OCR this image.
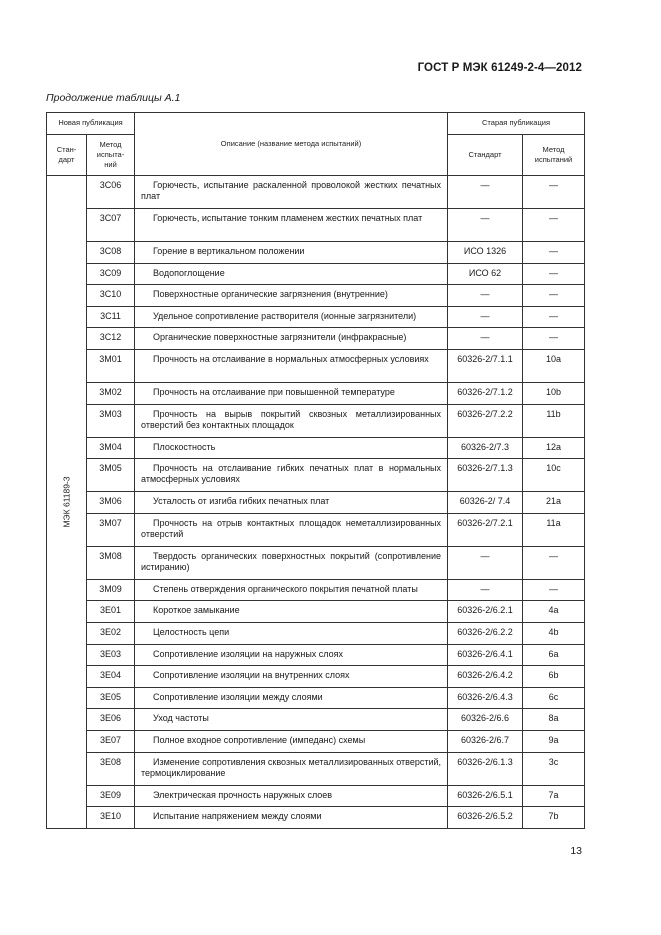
ГОСТ Р МЭК 61249-2-4—2012
Продолжение таблицы А.1
Новая публикация		Описание (название метода испытаний)	Старая публикация	
Стан-дарт	Метод испыта-ний		Стандарт	Метод испытаний

МЭК 61189-3	3C06	Горючесть, испытание раскаленной проволокой жестких печатных плат	—	—
	3C07	Горючесть, испытание тонким пламенем жестких печатных плат	—	—
	3C08	Горение в вертикальном положении	ИСО 1326	—
	3C09	Водопоглощение	ИСО 62	—
	3C10	Поверхностные органические загрязнения (внутренние)	—	—
	3C11	Удельное сопротивление растворителя (ионные загрязнители)	—	—
	3C12	Органические поверхностные загрязнители (инфракрасные)	—	—
	3M01	Прочность на отслаивание в нормальных атмосферных условиях	60326-2/7.1.1	10a
	3M02	Прочность на отслаивание при повышенной температуре	60326-2/7.1.2	10b
	3M03	Прочность на вырыв покрытий сквозных металлизированных отверстий без контактных площадок	60326-2/7.2.2	11b
	3M04	Плоскостность	60326-2/7.3	12a
	3M05	Прочность на отслаивание гибких печатных плат в нормальных атмосферных условиях	60326-2/7.1.3	10c
	3M06	Усталость от изгиба гибких печатных плат	60326-2/ 7.4	21a
	3M07	Прочность на отрыв контактных площадок неметаллизированных отверстий	60326-2/7.2.1	11a
	3M08	Твердость органических поверхностных покрытий (сопротивление истиранию)	—	—
	3M09	Степень отверждения органического покрытия печатной платы	—	—
	3E01	Короткое замыкание	60326-2/6.2.1	4a
	3E02	Целостность цепи	60326-2/6.2.2	4b
	3E03	Сопротивление изоляции на наружных слоях	60326-2/6.4.1	6a
	3E04	Сопротивление изоляции на внутренних слоях	60326-2/6.4.2	6b
	3E05	Сопротивление изоляции между слоями	60326-2/6.4.3	6c
	3E06	Уход частоты	60326-2/6.6	8a
	3E07	Полное входное сопротивление (импеданс) схемы	60326-2/6.7	9a
	3E08	Изменение сопротивления сквозных металлизированных отверстий, термоциклирование	60326-2/6.1.3	3c
	3E09	Электрическая прочность наружных слоев	60326-2/6.5.1	7a
	3E10	Испытание напряжением между слоями	60326-2/6.5.2	7b
13
